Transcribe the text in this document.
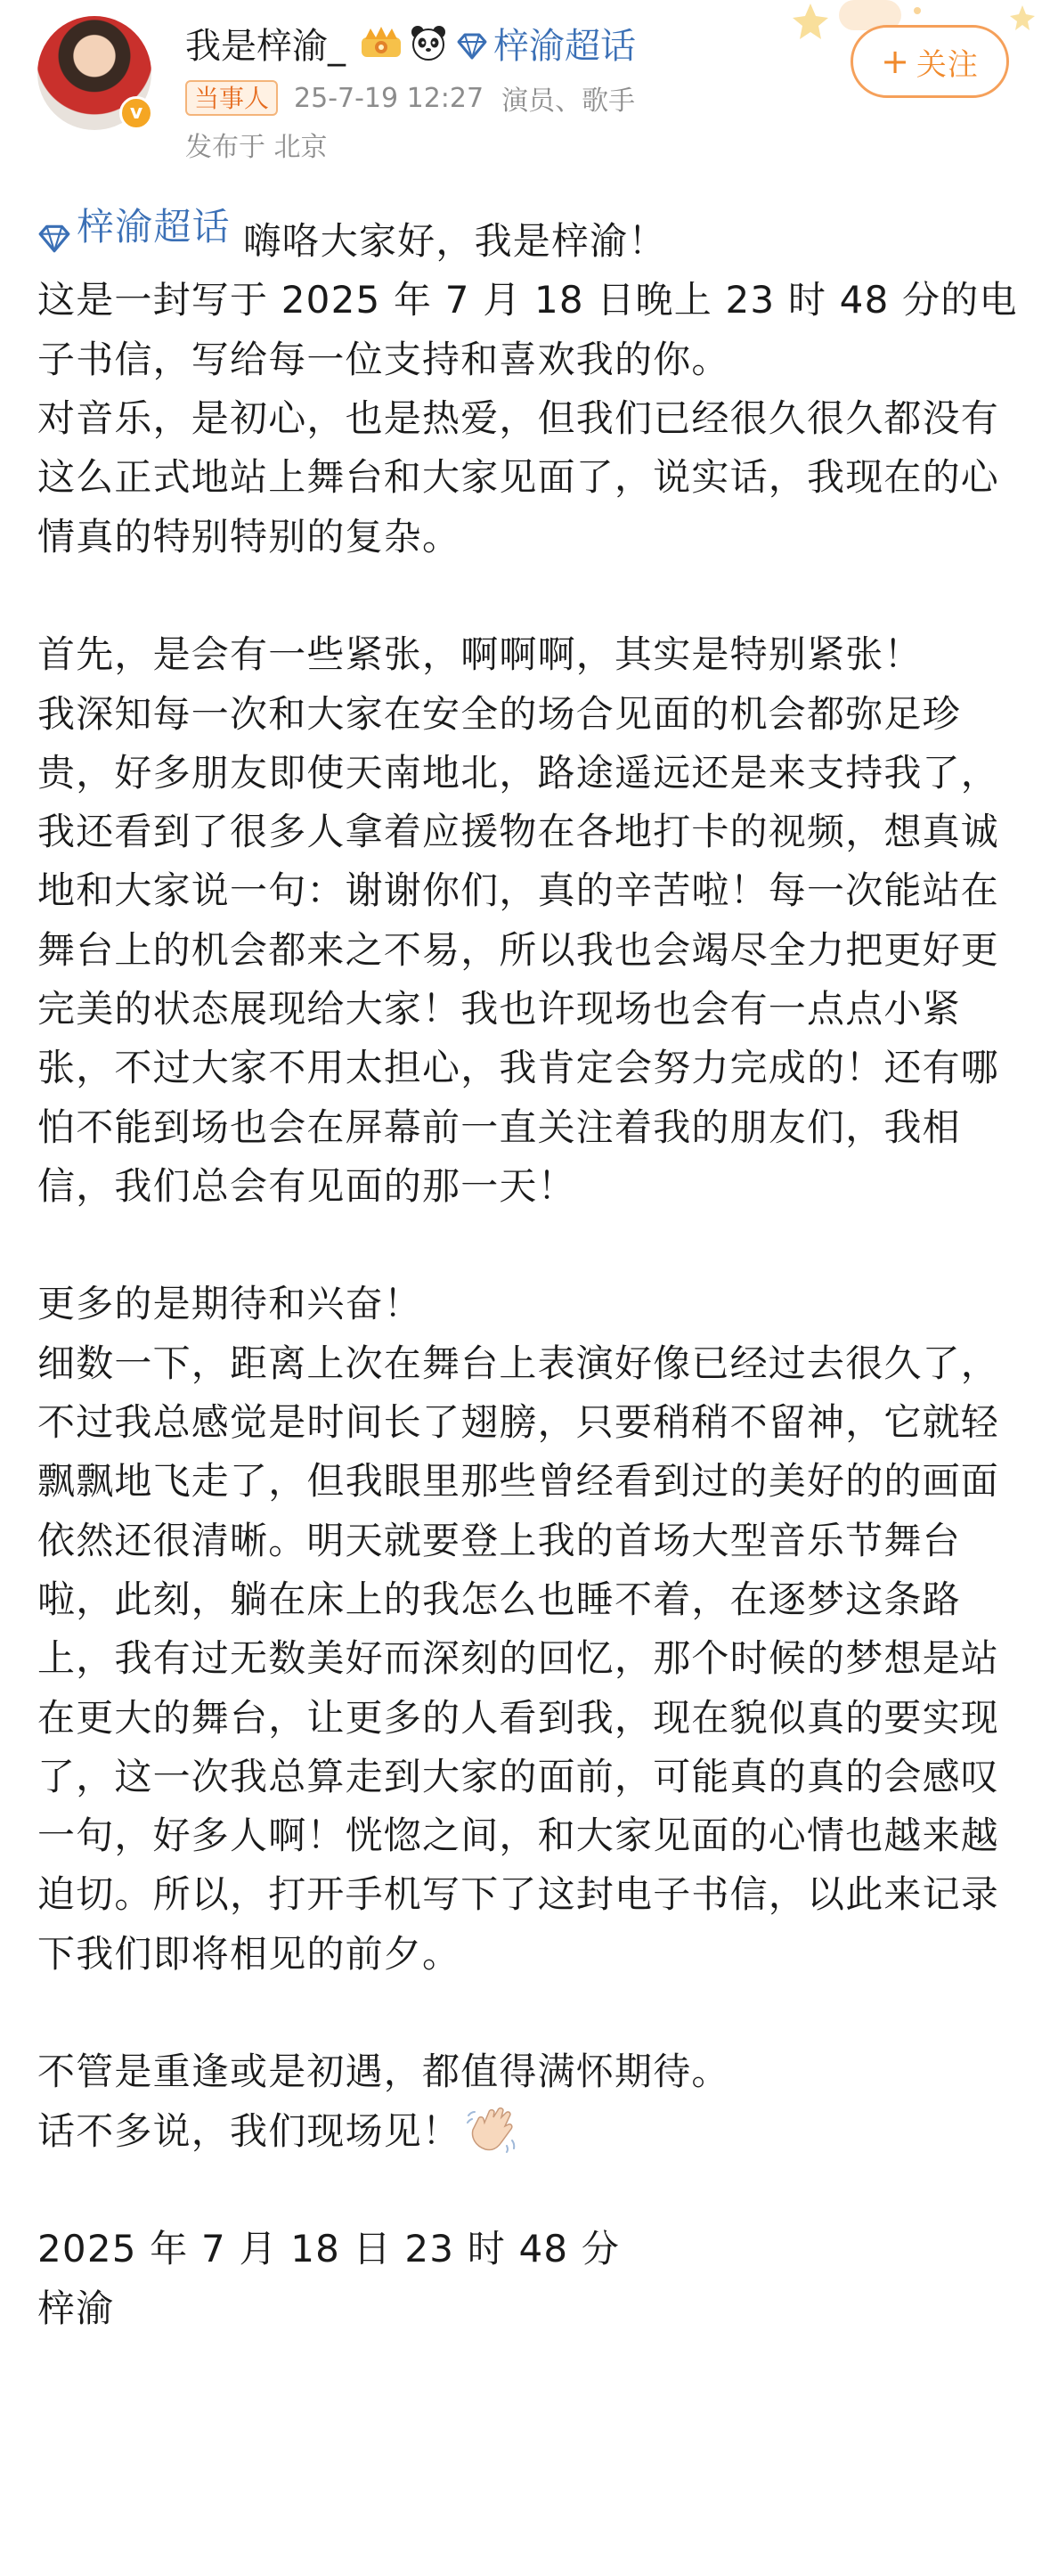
v
我是梓渝_	梓渝超话
当事人 25-7-19 12:27 演员、歌手
发布于 北京
+ 关注

梓渝超话 嗨咯大家好，我是梓渝！

这是一封写于 2025 年 7 月 18 日晚上 23 时 48 分的电子书信，写给每一位支持和喜欢我的你。
对音乐，是初心，也是热爱，但我们已经很久很久都没有这么正式地站上舞台和大家见面了，说实话，我现在的心情真的特别特别的复杂。

首先，是会有一些紧张，啊啊啊，其实是特别紧张！
我深知每一次和大家在安全的场合见面的机会都弥足珍贵，好多朋友即使天南地北，路途遥远还是来支持我了，我还看到了很多人拿着应援物在各地打卡的视频，想真诚地和大家说一句：谢谢你们，真的辛苦啦！每一次能站在舞台上的机会都来之不易，所以我也会竭尽全力把更好更完美的状态展现给大家！我也许现场也会有一点点小紧张，不过大家不用太担心，我肯定会努力完成的！还有哪怕不能到场也会在屏幕前一直关注着我的朋友们，我相信，我们总会有见面的那一天！

更多的是期待和兴奋！
细数一下，距离上次在舞台上表演好像已经过去很久了，不过我总感觉是时间长了翅膀，只要稍稍不留神，它就轻飘飘地飞走了，但我眼里那些曾经看到过的美好的的画面依然还很清晰。明天就要登上我的首场大型音乐节舞台啦，此刻，躺在床上的我怎么也睡不着，在逐梦这条路上，我有过无数美好而深刻的回忆，那个时候的梦想是站在更大的舞台，让更多的人看到我，现在貌似真的要实现了，这一次我总算走到大家的面前，可能真的真的会感叹一句，好多人啊！恍惚之间，和大家见面的心情也越来越迫切。所以，打开手机写下了这封电子书信，以此来记录下我们即将相见的前夕。

不管是重逢或是初遇，都值得满怀期待。

话不多说，我们现场见！

2025 年 7 月 18 日 23 时 48 分

梓渝
